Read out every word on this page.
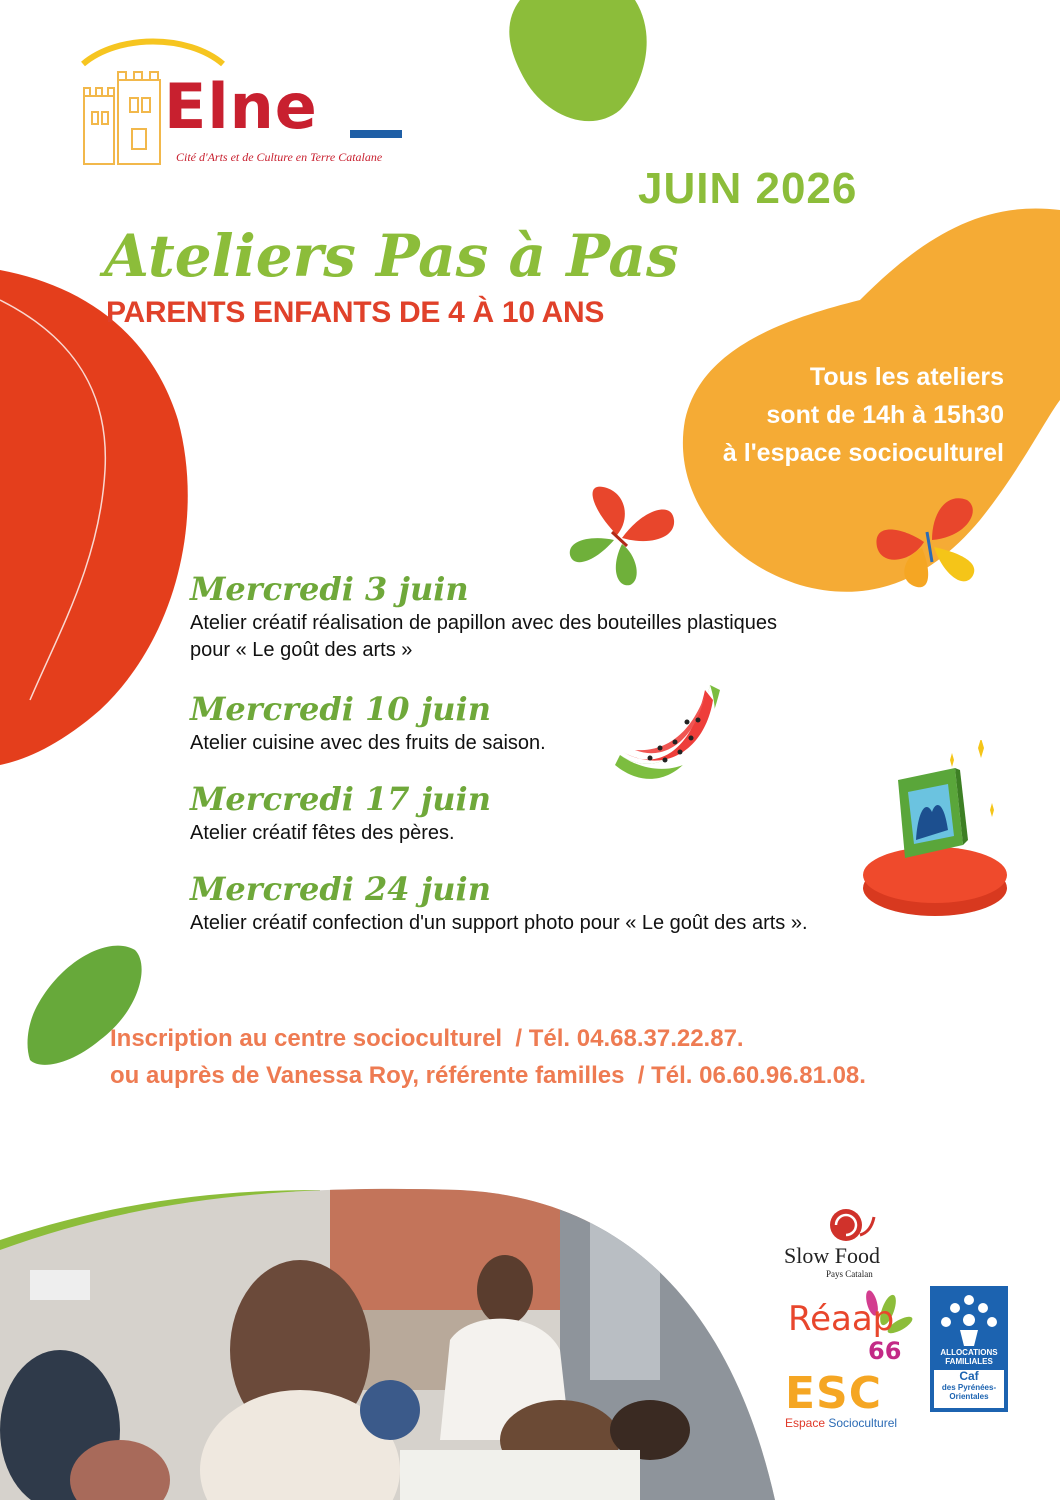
Elne
Cité d'Arts et de Culture en Terre Catalane
JUIN 2026
Ateliers Pas à Pas
PARENTS ENFANTS DE 4 À 10 ANS
Tous les ateliers
sont de 14h à 15h30
à l'espace socioculturel
Mercredi 3 juin
Atelier créatif réalisation de papillon avec des bouteilles plastiques
pour « Le goût des arts »
Mercredi 10 juin
Atelier cuisine avec des fruits de saison.
Mercredi 17 juin
Atelier créatif fêtes des pères.
Mercredi 24 juin
Atelier créatif confection d'un support photo pour « Le goût des arts ».
Inscription au centre socioculturel  / Tél. 04.68.37.22.87.
ou auprès de Vanessa Roy, référente familles  / Tél. 06.60.96.81.08.
Slow Food
Pays Catalan
Réaap
66
ESC
Espace Socioculturel
ALLOCATIONS FAMILIALES
Caf
des Pyrénées-Orientales
